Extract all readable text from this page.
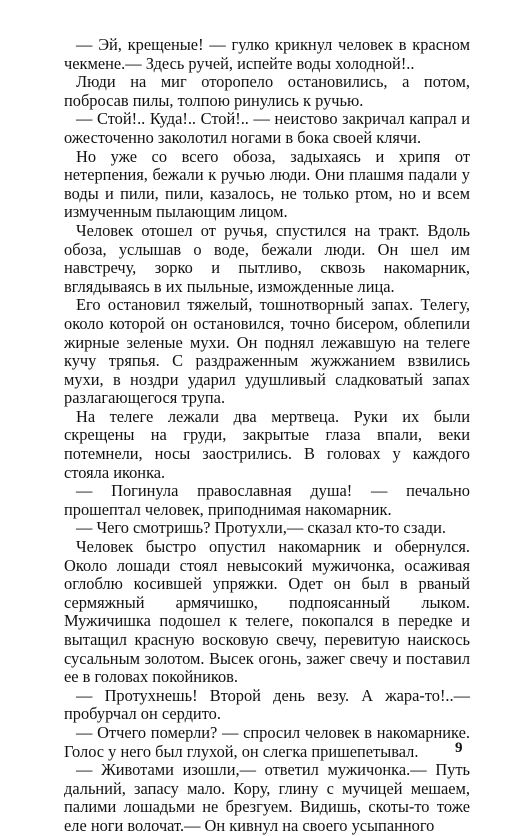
— Эй, крещеные! — гулко крикнул человек в красном чекмене.— Здесь ручей, испейте воды холодной!..

Люди на миг оторопело остановились, а потом, побросав пилы, толпою ринулись к ручью.

— Стой!.. Куда!.. Стой!.. — неистово закричал капрал и ожесточенно заколотил ногами в бока своей клячи.

Но уже со всего обоза, задыхаясь и хрипя от нетерпения, бежали к ручью люди. Они плашмя падали у воды и пили, пили, казалось, не только ртом, но и всем измученным пылающим лицом.

Человек отошел от ручья, спустился на тракт. Вдоль обоза, услышав о воде, бежали люди. Он шел им навстречу, зорко и пытливо, сквозь накомарник, вглядываясь в их пыльные, изможденные лица.

Его остановил тяжелый, тошнотворный запах. Телегу, около которой он остановился, точно бисером, облепили жирные зеленые мухи. Он поднял лежавшую на телеге кучу тряпья. С раздраженным жужжанием взвились мухи, в ноздри ударил удушливый сладковатый запах разлагающегося трупа.

На телеге лежали два мертвеца. Руки их были скрещены на груди, закрытые глаза впали, веки потемнели, носы заострились. В головах у каждого стояла иконка.

— Погинула православная душа! — печально прошептал человек, приподнимая накомарник.

— Чего смотришь? Протухли,— сказал кто-то сзади.

Человек быстро опустил накомарник и обернулся. Около лошади стоял невысокий мужичонка, осаживая оглоблю косившей упряжки. Одет он был в рваный сермяжный армячишко, подпоясанный лыком. Мужичишка подошел к телеге, покопался в передке и вытащил красную восковую свечу, перевитую наискось сусальным золотом. Высек огонь, зажег свечу и поставил ее в головах покойников.

— Протухнешь! Второй день везу. А жара-то!..— пробурчал он сердито.

— Отчего померли? — спросил человек в накомарнике. Голос у него был глухой, он слегка пришепетывал.

— Животами изошли,— ответил мужичонка.— Путь дальний, запасу мало. Кору, глину с мучицей мешаем, палими лошадьми не брезгуем. Видишь, скоты-то тоже еле ноги волочат.— Он кивнул на своего усыпанного

9
